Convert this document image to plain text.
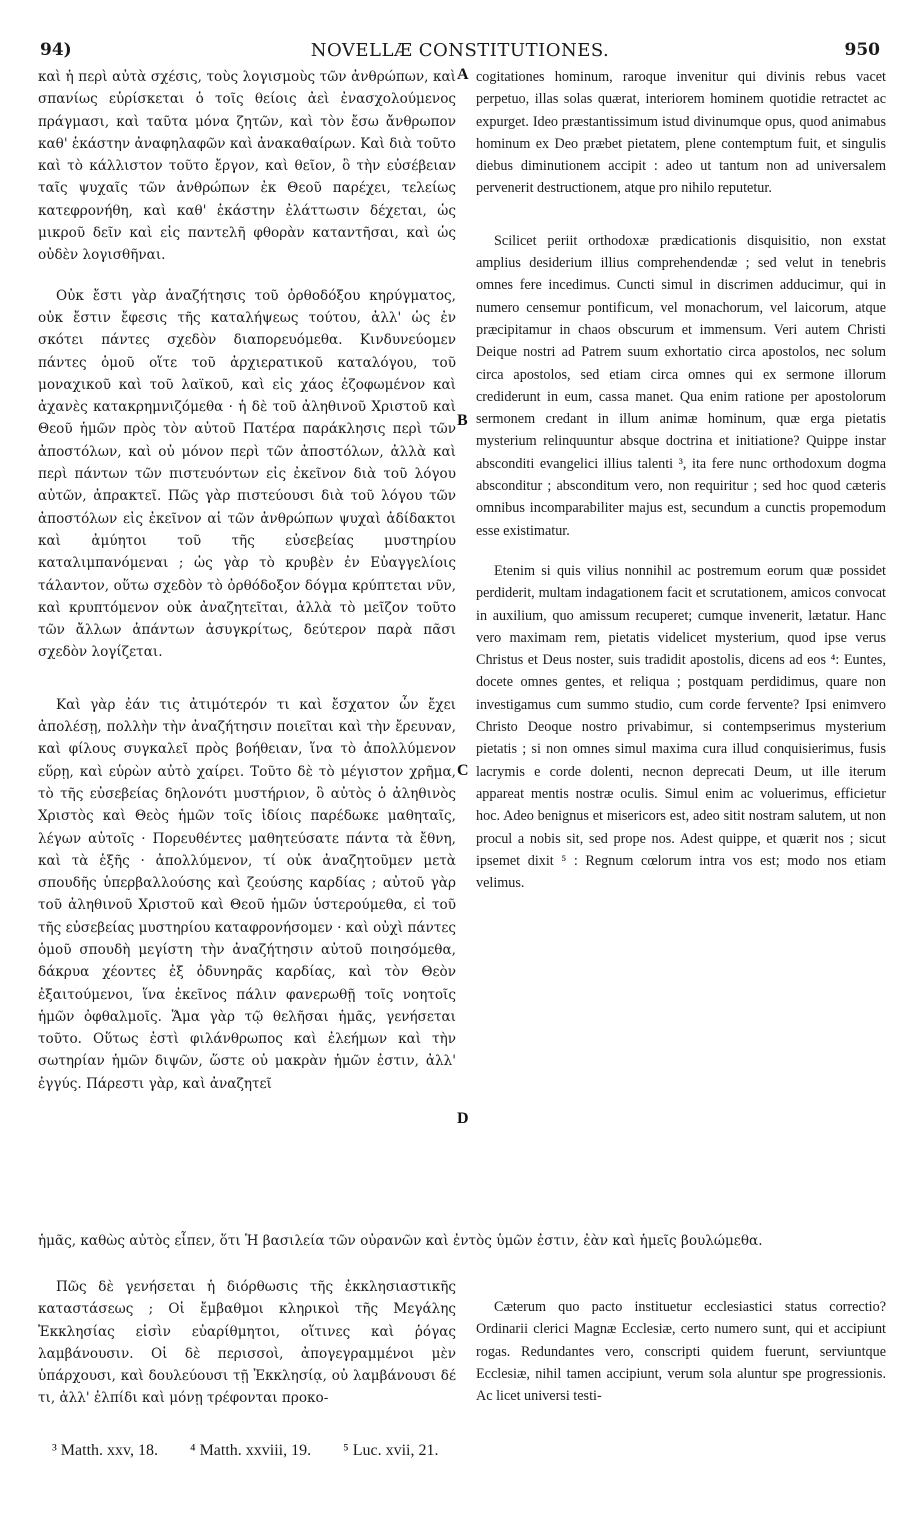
94)	NOVELLÆ CONSTITUTIONES.	950

καὶ ἡ περὶ αὐτὰ σχέσις, τοὺς λογισμοὺς τῶν ἀνθρώπων, καὶ σπανίως εὑρίσκεται ὁ τοῖς θείοις ἀεὶ ἐνασχολούμενος πράγμασι, καὶ ταῦτα μόνα ζητῶν, καὶ τὸν ἔσω ἄνθρωπον καθ' ἑκάστην ἀναφηλαφῶν καὶ ἀνακαθαίρων. Καὶ διὰ τοῦτο καὶ τὸ κάλλιστον τοῦτο ἔργον, καὶ θεῖον, ὃ τὴν εὐσέβειαν ταῖς ψυχαῖς τῶν ἀνθρώπων ἐκ Θεοῦ παρέχει, τελείως κατεφρονήθη, καὶ καθ' ἑκάστην ἐλάττωσιν δέχεται, ὡς μικροῦ δεῖν καὶ εἰς παντελῆ φθορὰν καταντῆσαι, καὶ ὡς οὐδὲν λογισθῆναι.

Οὐκ ἔστι γὰρ ἀναζήτησις τοῦ ὀρθοδόξου κηρύγματος, οὐκ ἔστιν ἔφεσις τῆς καταλήψεως τούτου, ἀλλ' ὡς ἐν σκότει πάντες σχεδὸν διαπορευόμεθα. Κινδυνεύομεν πάντες ὁμοῦ οἵτε τοῦ ἀρχιερατικοῦ καταλόγου, τοῦ μοναχικοῦ καὶ τοῦ λαϊκοῦ, καὶ εἰς χάος ἐζοφωμένον καὶ ἀχανὲς κατακρημνιζόμεθα · ἡ δὲ τοῦ ἀληθινοῦ Χριστοῦ καὶ Θεοῦ ἡμῶν πρὸς τὸν αὐτοῦ Πατέρα παράκλησις περὶ τῶν ἀποστόλων, καὶ οὐ μόνον περὶ τῶν ἀποστόλων, ἀλλὰ καὶ περὶ πάντων τῶν πιστευόντων εἰς ἐκεῖνον διὰ τοῦ λόγου αὐτῶν, ἀπρακτεῖ. Πῶς γὰρ πιστεύουσι διὰ τοῦ λόγου τῶν ἀποστόλων εἰς ἐκεῖνον αἱ τῶν ἀνθρώπων ψυχαὶ ἀδίδακτοι καὶ ἀμύητοι τοῦ τῆς εὐσεβείας μυστηρίου καταλιμπανόμεναι ; ὡς γὰρ τὸ κρυβὲν ἐν Εὐαγγελίοις τάλαντον, οὕτω σχεδὸν τὸ ὀρθόδοξον δόγμα κρύπτεται νῦν, καὶ κρυπτόμενον οὐκ ἀναζητεῖται, ἀλλὰ τὸ μεῖζον τοῦτο τῶν ἄλλων ἁπάντων ἀσυγκρίτως, δεύτερον παρὰ πᾶσι σχεδὸν λογίζεται.

Καὶ γὰρ ἐάν τις ἀτιμότερόν τι καὶ ἔσχατον ὧν ἔχει ἀπολέσῃ, πολλὴν τὴν ἀναζήτησιν ποιεῖται καὶ τὴν ἔρευναν, καὶ φίλους συγκαλεῖ πρὸς βοήθειαν, ἵνα τὸ ἀπολλύμενον εὕρῃ, καὶ εὑρὼν αὐτὸ χαίρει. Τοῦτο δὲ τὸ μέγιστον χρῆμα, τὸ τῆς εὐσεβείας δηλονότι μυστήριον, ὃ αὐτὸς ὁ ἀληθινὸς Χριστὸς καὶ Θεὸς ἡμῶν τοῖς ἰδίοις παρέδωκε μαθηταῖς, λέγων αὐτοῖς · Πορευθέντες μαθητεύσατε πάντα τὰ ἔθνη, καὶ τὰ ἑξῆς · ἀπολλύμενον, τί οὐκ ἀναζητοῦμεν μετὰ σπουδῆς ὑπερβαλλούσης καὶ ζεούσης καρδίας ; αὐτοῦ γὰρ τοῦ ἀληθινοῦ Χριστοῦ καὶ Θεοῦ ἡμῶν ὑστερούμεθα, εἰ τοῦ τῆς εὐσεβείας μυστηρίου καταφρονήσομεν · καὶ οὐχὶ πάντες ὁμοῦ σπουδὴ μεγίστη τὴν ἀναζήτησιν αὐτοῦ ποιησόμεθα, δάκρυα χέοντες ἐξ ὀδυνηρᾶς καρδίας, καὶ τὸν Θεὸν ἐξαιτούμενοι, ἵνα ἐκεῖνος πάλιν φανερωθῇ τοῖς νοητοῖς ἡμῶν ὀφθαλμοῖς. Ἅμα γὰρ τῷ θελῆσαι ἡμᾶς, γενήσεται τοῦτο. Οὕτως ἐστὶ φιλάνθρωπος καὶ ἐλεήμων καὶ τὴν σωτηρίαν ἡμῶν διψῶν, ὥστε οὐ μακρὰν ἡμῶν ἐστιν, ἀλλ' ἐγγύς. Πάρεστι γὰρ, καὶ ἀναζητεῖ

cogitationes hominum, raroque invenitur qui divinis rebus vacet perpetuo, illas solas quærat, interiorem hominem quotidie retractet ac expurget. Ideo præstantissimum istud divinumque opus, quod animabus hominum ex Deo præbet pietatem, plene contemptum fuit, et singulis diebus diminutionem accipit : adeo ut tantum non ad universalem pervenerit destructionem, atque pro nihilo reputetur.

Scilicet periit orthodoxæ prædicationis disquisitio, non exstat amplius desiderium illius comprehendendæ ; sed velut in tenebris omnes fere incedimus. Cuncti simul in discrimen adducimur, qui in numero censemur pontificum, vel monachorum, vel laicorum, atque præcipitamur in chaos obscurum et immensum. Veri autem Christi Deique nostri ad Patrem suum exhortatio circa apostolos, nec solum circa apostolos, sed etiam circa omnes qui ex sermone illorum crediderunt in eum, cassa manet. Qua enim ratione per apostolorum sermonem credant in illum animæ hominum, quæ erga pietatis mysterium relinquuntur absque doctrina et initiatione? Quippe instar absconditi evangelici illius talenti ³, ita fere nunc orthodoxum dogma absconditur ; absconditum vero, non requiritur ; sed hoc quod cæteris omnibus incomparabiliter majus est, secundum a cunctis propemodum esse existimatur.

Etenim si quis vilius nonnihil ac postremum eorum quæ possidet perdiderit, multam indagationem facit et scrutationem, amicos convocat in auxilium, quo amissum recuperet; cumque invenerit, lætatur. Hanc vero maximam rem, pietatis videlicet mysterium, quod ipse verus Christus et Deus noster, suis tradidit apostolis, dicens ad eos ⁴: Euntes, docete omnes gentes, et reliqua ; postquam perdidimus, quare non investigamus cum summo studio, cum corde fervente? Ipsi enimvero Christo Deoque nostro privabimur, si contempserimus mysterium pietatis ; si non omnes simul maxima cura illud conquisierimus, fusis lacrymis e corde dolenti, necnon deprecati Deum, ut ille iterum appareat mentis nostræ oculis. Simul enim ac voluerimus, efficietur hoc. Adeo benignus et misericors est, adeo sitit nostram salutem, ut non procul a nobis sit, sed prope nos. Adest quippe, et quærit nos ; sicut ipsemet dixit ⁵ : Regnum cœlorum intra vos est; modo nos etiam velimus.

A
B
C
D

ἡμᾶς, καθὼς αὐτὸς εἶπεν, ὅτι Ἡ βασιλεία τῶν οὐρανῶν καὶ ἐντὸς ὑμῶν ἐστιν, ἐὰν καὶ ἡμεῖς βουλώμεθα.

Πῶς δὲ γενήσεται ἡ διόρθωσις τῆς ἐκκλησιαστικῆς καταστάσεως ; Οἱ ἔμβαθμοι κληρικοὶ τῆς Μεγάλης Ἐκκλησίας εἰσὶν εὐαρίθμητοι, οἵτινες καὶ ῥόγας λαμβάνουσιν. Οἱ δὲ περισσοὶ, ἀπογεγραμμένοι μὲν ὑπάρχουσι, καὶ δουλεύουσι τῇ Ἐκκλησίᾳ, οὐ λαμβάνουσι δέ τι, ἀλλ' ἐλπίδι καὶ μόνῃ τρέφονται προκο-

Cæterum quo pacto instituetur ecclesiastici status correctio? Ordinarii clerici Magnæ Ecclesiæ, certo numero sunt, qui et accipiunt rogas. Redundantes vero, conscripti quidem fuerunt, serviuntque Ecclesiæ, nihil tamen accipiunt, verum sola aluntur spe progressionis. Ac licet universi testi-

³ Matth. xxv, 18. ⁴ Matth. xxviii, 19. ⁵ Luc. xvii, 21.
